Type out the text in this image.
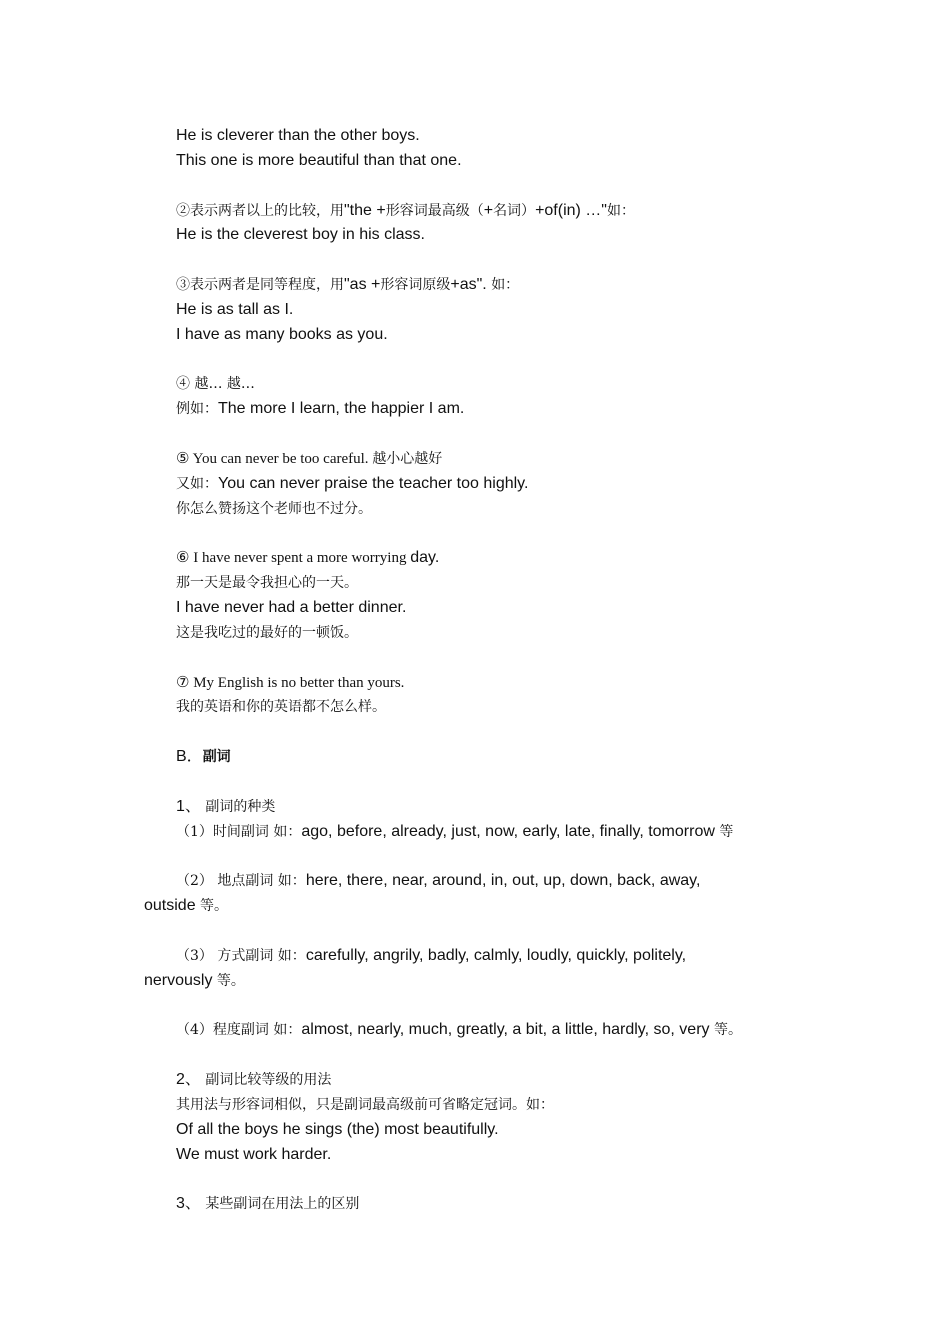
He is cleverer than the other boys.
This one is more beautiful than that one.
②表示两者以上的比较，用"the +形容词最高级（+名词）+of(in) …"如：
He is the cleverest boy in his class.
③表示两者是同等程度，用"as +形容词原级+as". 如：
He is as tall as I.
I have as many books as you.
④ 越… 越…
例如：The more I learn, the happier I am.
⑤ You can never be too careful. 越小心越好
又如：You can never praise the teacher too highly.
你怎么赞扬这个老师也不过分。
⑥ I have never spent a more worrying day.
那一天是最令我担心的一天。
I have never had a better dinner.
这是我吃过的最好的一顿饭。
⑦ My English is no better than yours.
我的英语和你的英语都不怎么样。
B．副词
1、 副词的种类
（1）时间副词 如：ago, before, already, just, now, early, late, finally, tomorrow 等
（2） 地点副词 如：here, there, near, around, in, out, up, down, back, away,
outside 等。
（3） 方式副词 如：carefully, angrily, badly, calmly, loudly, quickly, politely,
nervously 等。
（4）程度副词 如：almost, nearly, much, greatly, a bit, a little, hardly, so, very 等。
2、 副词比较等级的用法
其用法与形容词相似，只是副词最高级前可省略定冠词。如：
Of all the boys he sings (the) most beautifully.
We must work harder.
3、 某些副词在用法上的区别
